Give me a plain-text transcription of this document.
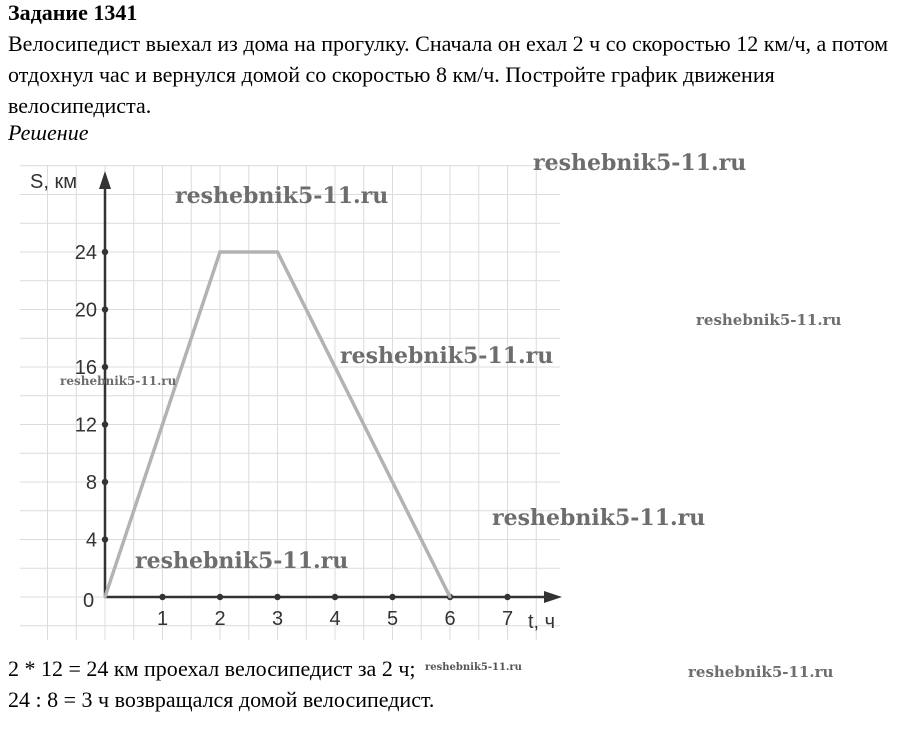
Задание 1341
Велосипедист выехал из дома на прогулку. Сначала он ехал 2 ч со скоростью 12 км/ч, а потом отдохнул час и вернулся домой со скоростью 8 км/ч. Постройте график движения велосипедиста.
Решение
0
1 2 3 4 5 6 7
4
8
12
16
20
24
S, км
t, ч
reshebnik5-11.ru
reshebnik5-11.ru
reshebnik5-11.ru
reshebnik5-11.ru
reshebnik5-11.ru
reshebnik5-11.ru
reshebnik5-11.ru
reshebnik5-11.ru
2 * 12 = 24 км проехал велосипедист за 2 ч; $^{reshebnik5-11.ru}$
24 : 8 = 3 ч возвращался домой велосипедист.
